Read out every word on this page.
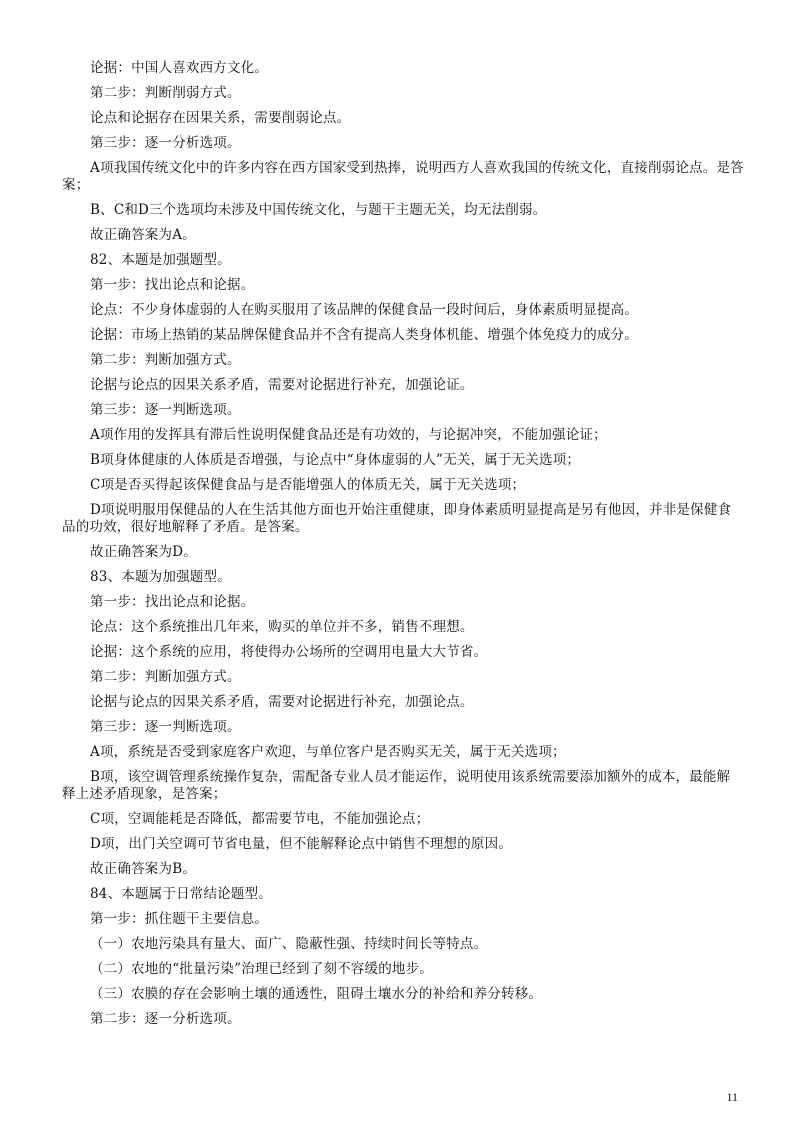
论据：中国人喜欢西方文化。

第二步：判断削弱方式。

论点和论据存在因果关系，需要削弱论点。

第三步：逐一分析选项。

A项我国传统文化中的许多内容在西方国家受到热捧，说明西方人喜欢我国的传统文化，直接削弱论点。是答案；

B、C和D三个选项均未涉及中国传统文化，与题干主题无关，均无法削弱。

故正确答案为A。

82、本题是加强题型。

第一步：找出论点和论据。

论点：不少身体虚弱的人在购买服用了该品牌的保健食品一段时间后，身体素质明显提高。

论据：市场上热销的某品牌保健食品并不含有提高人类身体机能、增强个体免疫力的成分。

第二步：判断加强方式。

论据与论点的因果关系矛盾，需要对论据进行补充，加强论证。

第三步：逐一判断选项。

A项作用的发挥具有滞后性说明保健食品还是有功效的，与论据冲突，不能加强论证；

B项身体健康的人体质是否增强，与论点中“身体虚弱的人”无关，属于无关选项；

C项是否买得起该保健食品与是否能增强人的体质无关，属于无关选项；

D项说明服用保健品的人在生活其他方面也开始注重健康，即身体素质明显提高是另有他因，并非是保健食品的功效，很好地解释了矛盾。是答案。

故正确答案为D。

83、本题为加强题型。

第一步：找出论点和论据。

论点：这个系统推出几年来，购买的单位并不多，销售不理想。

论据：这个系统的应用，将使得办公场所的空调用电量大大节省。

第二步：判断加强方式。

论据与论点的因果关系矛盾，需要对论据进行补充，加强论点。

第三步：逐一判断选项。

A项，系统是否受到家庭客户欢迎，与单位客户是否购买无关，属于无关选项；

B项，该空调管理系统操作复杂，需配备专业人员才能运作，说明使用该系统需要添加额外的成本，最能解释上述矛盾现象，是答案；

C项，空调能耗是否降低，都需要节电，不能加强论点；

D项，出门关空调可节省电量，但不能解释论点中销售不理想的原因。

故正确答案为B。

84、本题属于日常结论题型。

第一步：抓住题干主要信息。

（一）农地污染具有量大、面广、隐蔽性强、持续时间长等特点。

（二）农地的“批量污染”治理已经到了刻不容缓的地步。

（三）农膜的存在会影响土壤的通透性，阻碍土壤水分的补给和养分转移。

第二步：逐一分析选项。

11
